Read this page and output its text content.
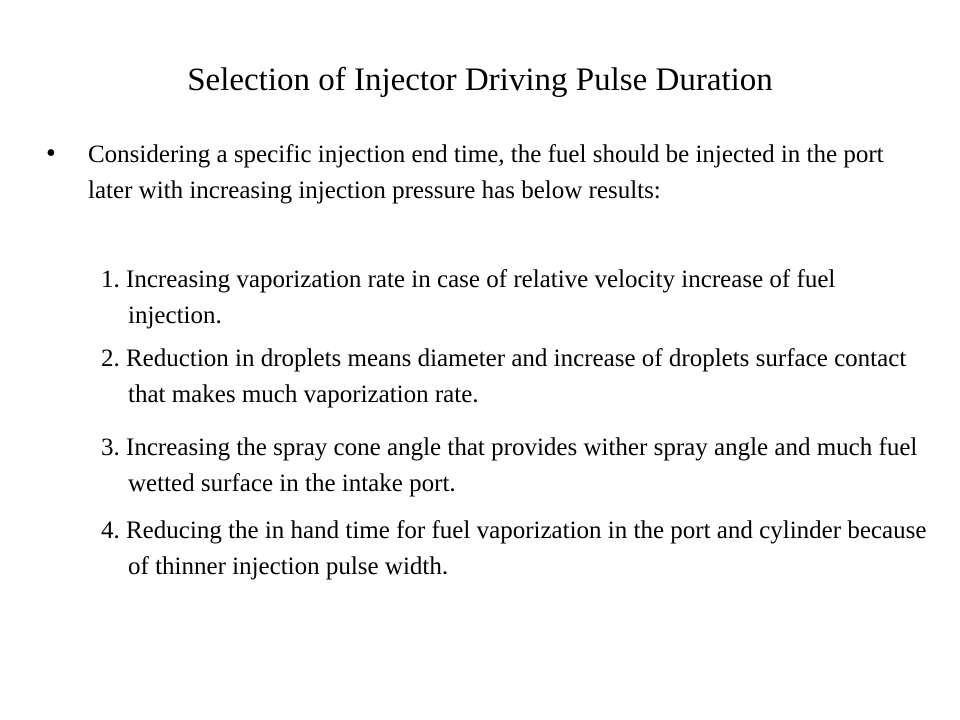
Selection of Injector Driving Pulse Duration
• Considering a specific injection end time, the fuel should be injected in the port later with increasing injection pressure has below results:
1. Increasing vaporization rate in case of relative velocity increase of fuel injection.
2. Reduction in droplets means diameter and increase of droplets surface contact that makes much vaporization rate.
3. Increasing the spray cone angle that provides wither spray angle and much fuel wetted surface in the intake port.
4. Reducing the in hand time for fuel vaporization in the port and cylinder because of thinner injection pulse width.
